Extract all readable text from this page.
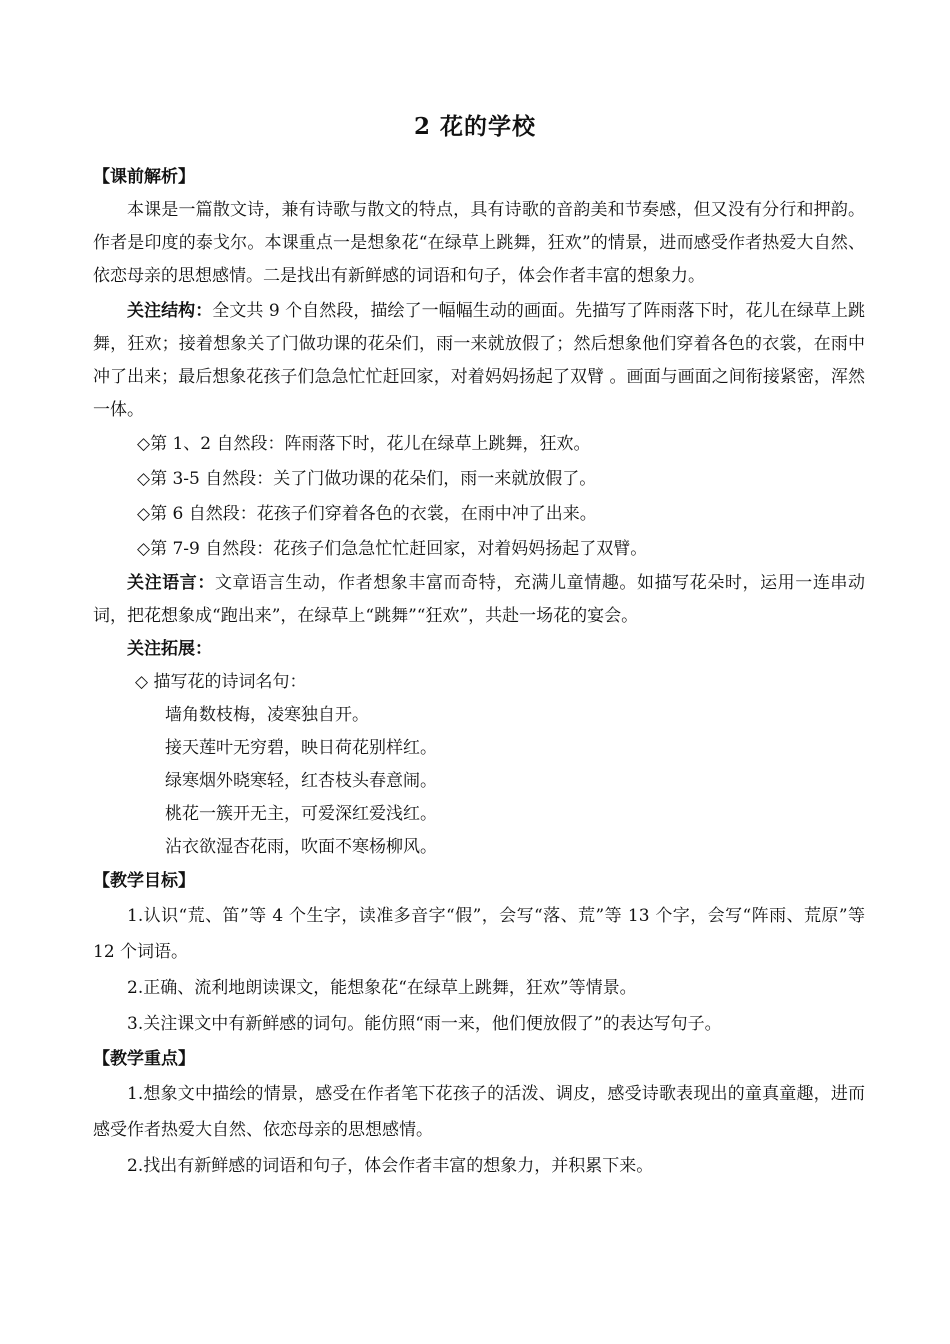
2 花的学校
【课前解析】
本课是一篇散文诗，兼有诗歌与散文的特点，具有诗歌的音韵美和节奏感，但又没有分行和押韵。作者是印度的泰戈尔。本课重点一是想象花“在绿草上跳舞，狂欢”的情景，进而感受作者热爱大自然、依恋母亲的思想感情。二是找出有新鲜感的词语和句子，体会作者丰富的想象力。
关注结构：全文共 9 个自然段，描绘了一幅幅生动的画面。先描写了阵雨落下时，花儿在绿草上跳舞，狂欢；接着想象关了门做功课的花朵们，雨一来就放假了；然后想象他们穿着各色的衣裳，在雨中冲了出来；最后想象花孩子们急急忙忙赶回家，对着妈妈扬起了双臂 。画面与画面之间衔接紧密，浑然一体。
◇第 1、2 自然段：阵雨落下时，花儿在绿草上跳舞，狂欢。
◇第 3-5 自然段：关了门做功课的花朵们，雨一来就放假了。
◇第 6 自然段：花孩子们穿着各色的衣裳，在雨中冲了出来。
◇第 7-9 自然段：花孩子们急急忙忙赶回家，对着妈妈扬起了双臂。
关注语言：文章语言生动，作者想象丰富而奇特，充满儿童情趣。如描写花朵时，运用一连串动词，把花想象成“跑出来”，在绿草上“跳舞”“狂欢”，共赴一场花的宴会。
关注拓展：
◇ 描写花的诗词名句：
墙角数枝梅，凌寒独自开。
接天莲叶无穷碧，映日荷花别样红。
绿寒烟外晓寒轻，红杏枝头春意闹。
桃花一簇开无主，可爱深红爱浅红。
沾衣欲湿杏花雨，吹面不寒杨柳风。
【教学目标】
1.认识“荒、笛”等 4 个生字，读准多音字“假”，会写“落、荒”等 13 个字，会写“阵雨、荒原”等 12 个词语。
2.正确、流利地朗读课文，能想象花“在绿草上跳舞，狂欢”等情景。
3.关注课文中有新鲜感的词句。能仿照“雨一来，他们便放假了”的表达写句子。
【教学重点】
1.想象文中描绘的情景，感受在作者笔下花孩子的活泼、调皮，感受诗歌表现出的童真童趣，进而感受作者热爱大自然、依恋母亲的思想感情。
2.找出有新鲜感的词语和句子，体会作者丰富的想象力，并积累下来。
